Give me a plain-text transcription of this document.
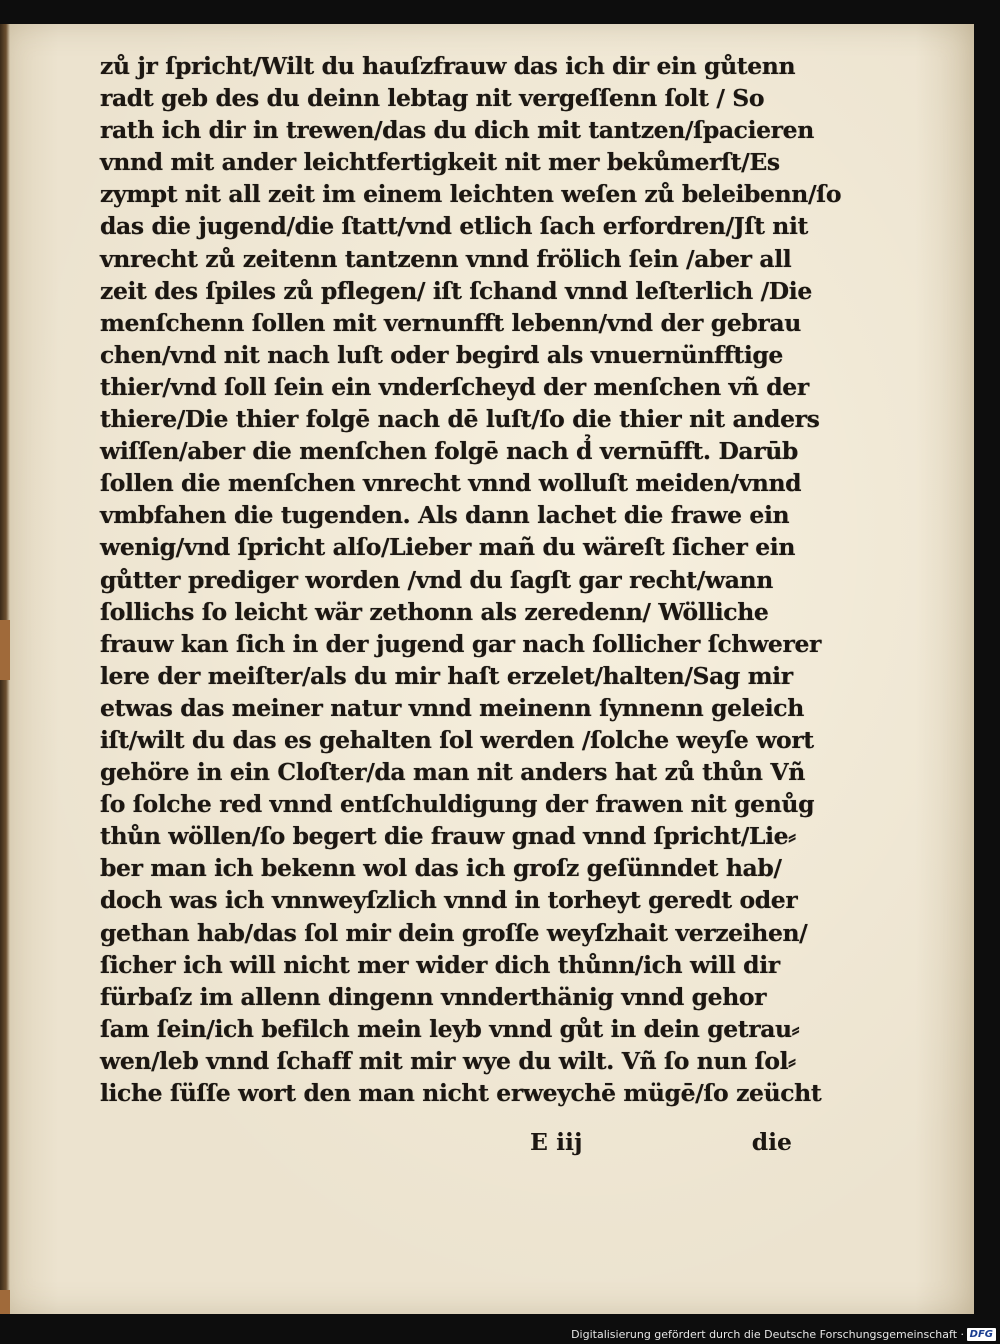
zů jr ſpricht/Wilt du hauſzfrauw das ich dir ein gůtenn
radt geb des du deinn lebtag nit vergeſſenn ſolt / So
rath ich dir in trewen/das du dich mit tantzen/ſpacieren
vnnd mit ander leichtfertigkeit nit mer bekůmerſt/Es
zympt nit all zeit im einem leichten weſen zů beleibenn/ſo
das die jugend/die ſtatt/vnd etlich ſach erfordren/Jſt nit
vnrecht zů zeitenn tantzenn vnnd frölich ſein /aber all
zeit des ſpiles zů pflegen/ iſt ſchand vnnd leſterlich /Die
menſchenn ſollen mit vernunfft lebenn/vnd der gebrau
chen/vnd nit nach luſt oder begird als vnuernünfftige
thier/vnd ſoll ſein ein vnderſcheyd der menſchen vñ der
thiere/Die thier folgē nach dē luſt/ſo die thier nit anders
wiſſen/aber die menſchen folgē nach d̉ vernūfft. Darūb
ſollen die menſchen vnrecht vnnd wolluſt meiden/vnnd
vmbfahen die tugenden. Als dann lachet die frawe ein
wenig/vnd ſpricht alſo/Lieber mañ du wäreſt ſicher ein
gůtter prediger worden /vnd du ſagſt gar recht/wann
ſollichs ſo leicht wär zethonn als zeredenn/ Wölliche
frauw kan ſich in der jugend gar nach ſollicher ſchwerer
lere der meiſter/als du mir haſt erzelet/halten/Sag mir
etwas das meiner natur vnnd meinenn ſynnenn geleich
iſt/wilt du das es gehalten ſol werden /ſolche weyſe wort
gehöre in ein Cloſter/da man nit anders hat zů thůn Vñ
ſo ſolche red vnnd entſchuldigung der frawen nit genůg
thůn wöllen/ſo begert die frauw gnad vnnd ſpricht/Lie⸗
ber man ich bekenn wol das ich groſz geſünndet hab/
doch was ich vnnweyſzlich vnnd in torheyt geredt oder
gethan hab/das ſol mir dein groſſe weyſzhait verzeihen/
ſicher ich will nicht mer wider dich thůnn/ich will dir
fürbaſz im allenn dingenn vnnderthänig vnnd gehor
ſam ſein/ich befilch mein leyb vnnd gůt in dein getrau⸗
wen/leb vnnd ſchaff mit mir wye du wilt. Vñ ſo nun ſol⸗
liche ſüſſe wort den man nicht erweychē mügē/ſo zeücht
E iij	die
Digitalisierung gefördert durch die Deutsche Forschungsgemeinschaft · DFG
